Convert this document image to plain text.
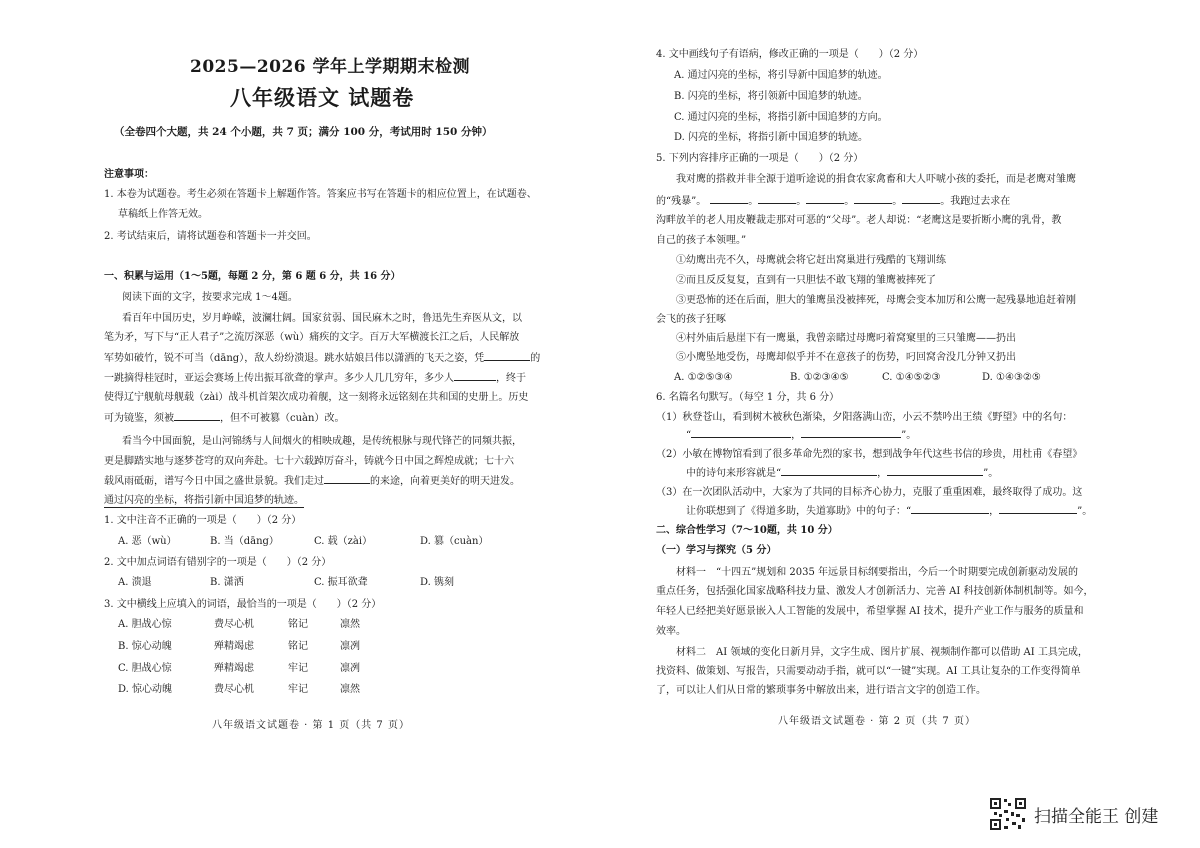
2025—2026 学年上学期期末检测
八年级语文 试题卷
（全卷四个大题，共 24 个小题，共 7 页；满分 100 分，考试用时 150 分钟）
注意事项：
1. 本卷为试题卷。考生必须在答题卡上解题作答。答案应书写在答题卡的相应位置上，在试题卷、
草稿纸上作答无效。
2. 考试结束后，请将试题卷和答题卡一并交回。
一、积累与运用（1～5题，每题 2 分，第 6 题 6 分，共 16 分）
阅读下面的文字，按要求完成 1～4题。
看百年中国历史，岁月峥嵘，波澜壮阔。国家贫弱、国民麻木之时，鲁迅先生弃医从文，以
笔为矛，写下与“正人君子”之流厉深恶（wù）痛疾的文字。百万大军横渡长江之后，人民解放
军势如破竹，锐不可当（dāng），敌人纷纷溃退。跳水姑娘吕伟以潇洒的飞天之姿，凭	的
一跳摘得桂冠时，亚运会赛场上传出振耳欲聋的掌声。多少人几几穷年，多少人	，终于
使得辽宁舰航母舰载（zài）战斗机首架次成功着舰，这一刻将永远铭刻在共和国的史册上。历史
可为镜鉴，须被	，但不可被篡（cuàn）改。
看当今中国面貌，是山河锦绣与人间烟火的相映成趣，是传统根脉与现代锋芒的同频共振，
更是脚踏实地与逐梦苍穹的双向奔赴。七十六载踔厉奋斗，铸就今日中国之辉煌成就；七十六
载风雨砥砺，谱写今日中国之盛世景貌。我们走过	的来途，向着更美好的明天进发。
通过闪亮的坐标，将指引新中国追梦的轨迹。
1. 文中注音不正确的一项是（　　）（2 分）
A. 恶（wù）	B. 当（dāng）	C. 载（zài）	D. 篡（cuàn）
2. 文中加点词语有错别字的一项是（　　）（2 分）
A. 溃退	B. 潇洒	C. 振耳欲聋	D. 镌刻
3. 文中横线上应填入的词语，最恰当的一项是（　　）（2 分）
A. 胆战心惊	费尽心机	铭记	凛然
B. 惊心动魄	殚精竭虑	铭记	凛冽
C. 胆战心惊	殚精竭虑	牢记	凛冽
D. 惊心动魄	费尽心机	牢记	凛然
八年级语文试题卷 · 第 1 页（共 7 页）
4. 文中画线句子有语病，修改正确的一项是（　　）（2 分）
A. 通过闪亮的坐标，将引导新中国追梦的轨迹。
B. 闪亮的坐标，将引领新中国追梦的轨迹。
C. 通过闪亮的坐标，将指引新中国追梦的方向。
D. 闪亮的坐标，将指引新中国追梦的轨迹。
5. 下列内容排序正确的一项是（　　）（2 分）
我对鹰的搭救并非全源于道听途说的捐食农家禽畜和大人吓唬小孩的委托，而是老鹰对雏鹰
的“残暴”。	。	。	。	。	。我跑过去求在
沟畔放羊的老人用皮鞭裁走那对可恶的“父母”。老人却说：“老鹰这是要折断小鹰的乳骨，教
自己的孩子本领哩。”
①幼鹰出壳不久，母鹰就会将它赶出窝巢进行残酷的飞翔训练
②而且反反复复，直到有一只胆怯不敢飞翔的雏鹰被摔死了
③更恐怖的还在后面，胆大的雏鹰虽没被摔死，母鹰会变本加厉和公鹰一起残暴地追赶着刚
会飞的孩子狂啄
④村外庙后悬崖下有一鹰巢，我曾亲睹过母鹰叼着窝窠里的三只雏鹰——扔出
⑤小鹰坠地受伤，母鹰却似乎并不在意孩子的伤势，叼回窝舍没几分钟又扔出
A. ①②⑤③④	B. ①②③④⑤	C. ①④⑤②③	D. ①④③②⑤
6. 名篇名句默写。（每空 1 分，共 6 分）
（1）秋登苍山，看到树木被秋色渐染，夕阳落满山峦，小云不禁吟出王绩《野望》中的名句：
“	，	”。
（2）小敏在博物馆看到了很多革命先烈的家书，想到战争年代这些书信的珍贵，用杜甫《春望》
中的诗句来形容就是“	，	”。
（3）在一次团队活动中，大家为了共同的目标齐心协力，克服了重重困难，最终取得了成功。这
让你联想到了《得道多助，失道寡助》中的句子：“	，	”。
二、综合性学习（7～10题，共 10 分）
（一）学习与探究（5 分）
材料一　“十四五”规划和 2035 年远景目标纲要指出，今后一个时期要完成创新驱动发展的
重点任务，包括强化国家战略科技力量、激发人才创新活力、完善 AI 科技创新体制机制等。如今，
年轻人已经把美好愿景嵌入人工智能的发展中，希望掌握 AI 技术，提升产业工作与服务的质量和
效率。
材料二　AI 领域的变化日新月异，文字生成、图片扩展、视频制作都可以借助 AI 工具完成，
找资料、做策划、写报告，只需要动动手指，就可以“一键”实现。AI 工具让复杂的工作变得简单
了，可以让人们从日常的繁琐事务中解放出来，进行语言文字的创造工作。
八年级语文试题卷 · 第 2 页（共 7 页）
扫描全能王 创建
